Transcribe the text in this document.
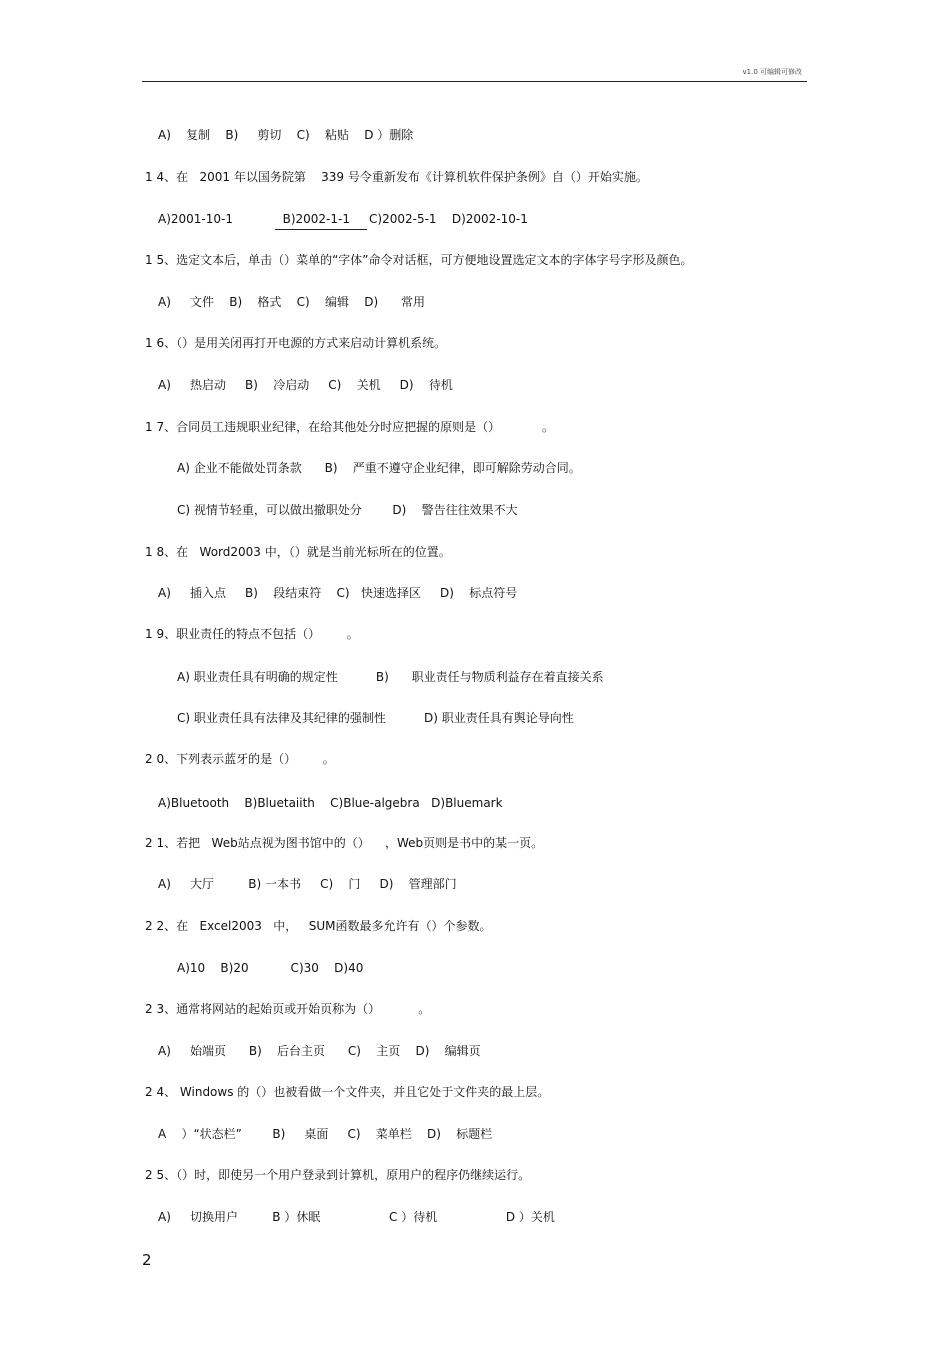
v1.0 可编辑可修改
A)    复制    B)     剪切    C)    粘贴    D ）删除
1 4、在   2001 年以国务院第    339 号令重新发布《计算机软件保护条例》自（）开始实施。
A)2001-10-1             B)2002-1-1     C)2002-5-1    D)2002-10-1
1 5、选定文本后，单击（）菜单的“字体”命令对话框，可方便地设置选定文本的字体字号字形及颜色。
A)     文件    B)    格式    C)    编辑    D)      常用
1 6、（）是用关闭再打开电源的方式来启动计算机系统。
A)     热启动     B)    冷启动     C)    关机     D)    待机
1 7、合同员工违规职业纪律，在给其他处分时应把握的原则是（）           。
A) 企业不能做处罚条款      B)    严重不遵守企业纪律，即可解除劳动合同。
C) 视情节轻重，可以做出撤职处分        D)    警告往往效果不大
1 8、在   Word2003 中，（）就是当前光标所在的位置。
A)     插入点     B)    段结束符    C)   快速选择区     D)    标点符号
1 9、职业责任的特点不包括（）       。
A) 职业责任具有明确的规定性          B)      职业责任与物质利益存在着直接关系
C) 职业责任具有法律及其纪律的强制性          D) 职业责任具有舆论导向性
2 0、下列表示蓝牙的是（）       。
A)Bluetooth    B)Bluetaiith    C)Blue-algebra   D)Bluemark
2 1、若把   Web站点视为图书馆中的（）    ，Web页则是书中的某一页。
A)     大厅         B) 一本书     C)    门     D)    管理部门
2 2、在   Excel2003   中，   SUM函数最多允许有（）个参数。
A)10    B)20           C)30    D)40
2 3、通常将网站的起始页或开始页称为（）          。
A)     始端页      B)    后台主页      C)    主页    D)    编辑页
2 4、 Windows 的（）也被看做一个文件夹，并且它处于文件夹的最上层。
A    ）“状态栏”        B)     桌面     C)    菜单栏    D)    标题栏
2 5、（）时，即使另一个用户登录到计算机，原用户的程序仍继续运行。
A)     切换用户         B ）休眠                  C ）待机                  D ）关机
2
